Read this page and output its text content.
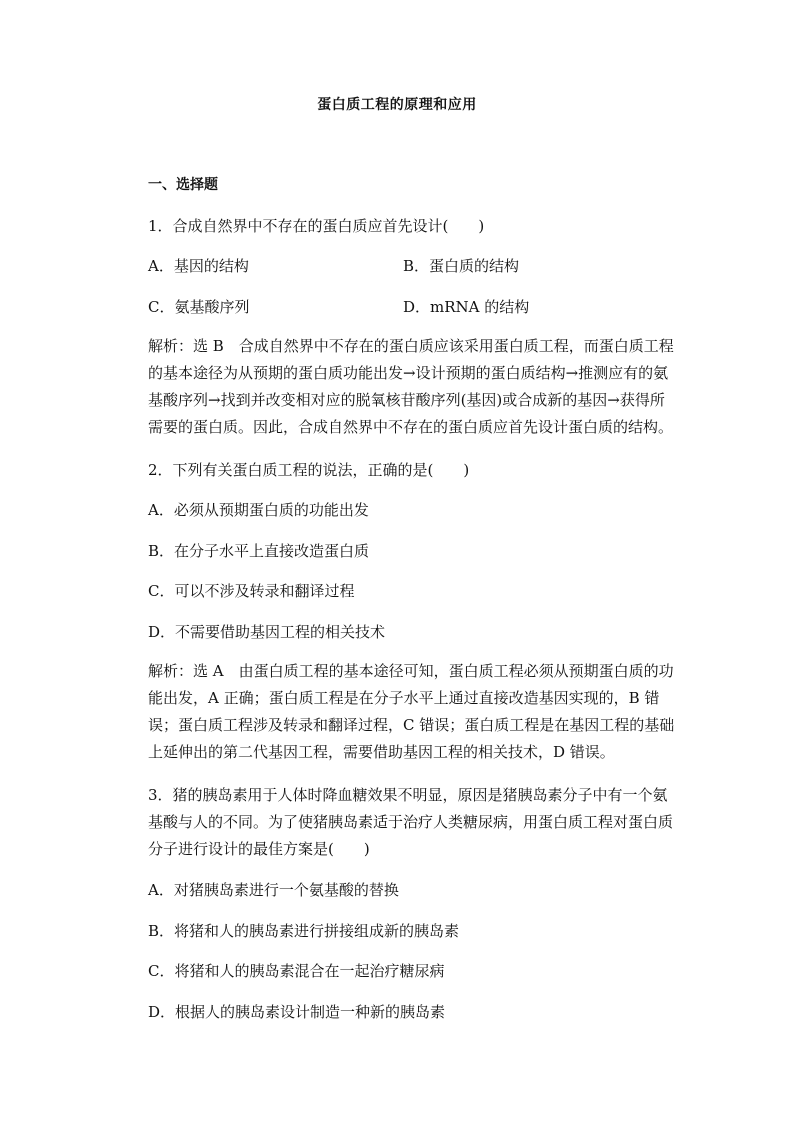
蛋白质工程的原理和应用
一、选择题
1．合成自然界中不存在的蛋白质应首先设计(　　)
A．基因的结构	B．蛋白质的结构
C．氨基酸序列	D．mRNA 的结构
解析：选 B　合成自然界中不存在的蛋白质应该采用蛋白质工程，而蛋白质工程的基本途径为从预期的蛋白质功能出发→设计预期的蛋白质结构→推测应有的氨基酸序列→找到并改变相对应的脱氧核苷酸序列(基因)或合成新的基因→获得所需要的蛋白质。因此，合成自然界中不存在的蛋白质应首先设计蛋白质的结构。
2．下列有关蛋白质工程的说法，正确的是(　　)
A．必须从预期蛋白质的功能出发
B．在分子水平上直接改造蛋白质
C．可以不涉及转录和翻译过程
D．不需要借助基因工程的相关技术
解析：选 A　由蛋白质工程的基本途径可知，蛋白质工程必须从预期蛋白质的功能出发，A 正确；蛋白质工程是在分子水平上通过直接改造基因实现的，B 错误；蛋白质工程涉及转录和翻译过程，C 错误；蛋白质工程是在基因工程的基础上延伸出的第二代基因工程，需要借助基因工程的相关技术，D 错误。
3．猪的胰岛素用于人体时降血糖效果不明显，原因是猪胰岛素分子中有一个氨基酸与人的不同。为了使猪胰岛素适于治疗人类糖尿病，用蛋白质工程对蛋白质分子进行设计的最佳方案是(　　)
A．对猪胰岛素进行一个氨基酸的替换
B．将猪和人的胰岛素进行拼接组成新的胰岛素
C．将猪和人的胰岛素混合在一起治疗糖尿病
D．根据人的胰岛素设计制造一种新的胰岛素
